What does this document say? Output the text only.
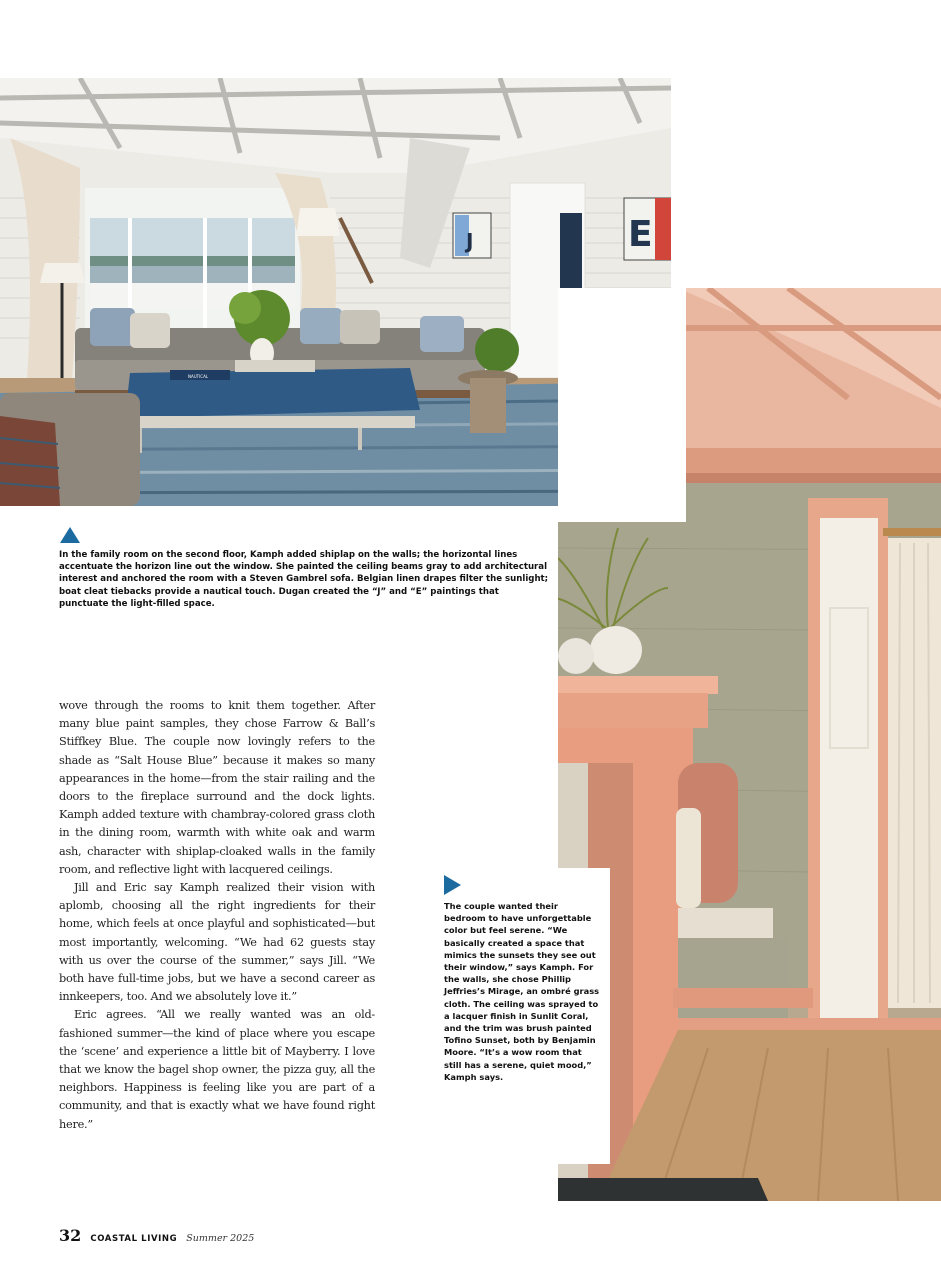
J	E
NAUTICAL
In the family room on the second floor, Kamph added shiplap on the walls; the horizontal lines accentuate the horizon line out the window. She painted the ceiling beams gray to add architectural interest and anchored the room with a Steven Gambrel sofa. Belgian linen drapes filter the sunlight; boat cleat tiebacks provide a nautical touch. Dugan created the “J” and “E” paintings that punctuate the light-filled space.
The couple wanted their bedroom to have unforgettable color but feel serene. “We basically created a space that mimics the sunsets they see out their window,” says Kamph. For the walls, she chose Phillip Jeffries’s Mirage, an ombré grass cloth. The ceiling was sprayed to a lacquer finish in Sunlit Coral, and the trim was brush painted Tofino Sunset, both by Benjamin Moore. “It’s a wow room that still has a serene, quiet mood,” Kamph says.

wove through the rooms to knit them together. After many blue paint samples, they chose Farrow & Ball’s Stiffkey Blue. The couple now lovingly refers to the shade as “Salt House Blue” because it makes so many appearances in the home—from the stair railing and the doors to the fireplace surround and the dock lights. Kamph added texture with chambray-colored grass cloth in the dining room, warmth with white oak and warm ash, character with shiplap-cloaked walls in the family room, and reflective light with lacquered ceilings.

Jill and Eric say Kamph realized their vision with aplomb, choosing all the right ingredients for their home, which feels at once playful and sophisticated—but most importantly, welcoming. “We had 62 guests stay with us over the course of the summer,” says Jill. “We both have full-time jobs, but we have a second career as innkeepers, too. And we absolutely love it.”

Eric agrees. “All we really wanted was an old-fashioned summer—the kind of place where you escape the ‘scene’ and experience a little bit of Mayberry. I love that we know the bagel shop owner, the pizza guy, all the neighbors. Happiness is feeling like you are part of a community, and that is exactly what we have found right here.”

32 COASTAL LIVING Summer 2025
